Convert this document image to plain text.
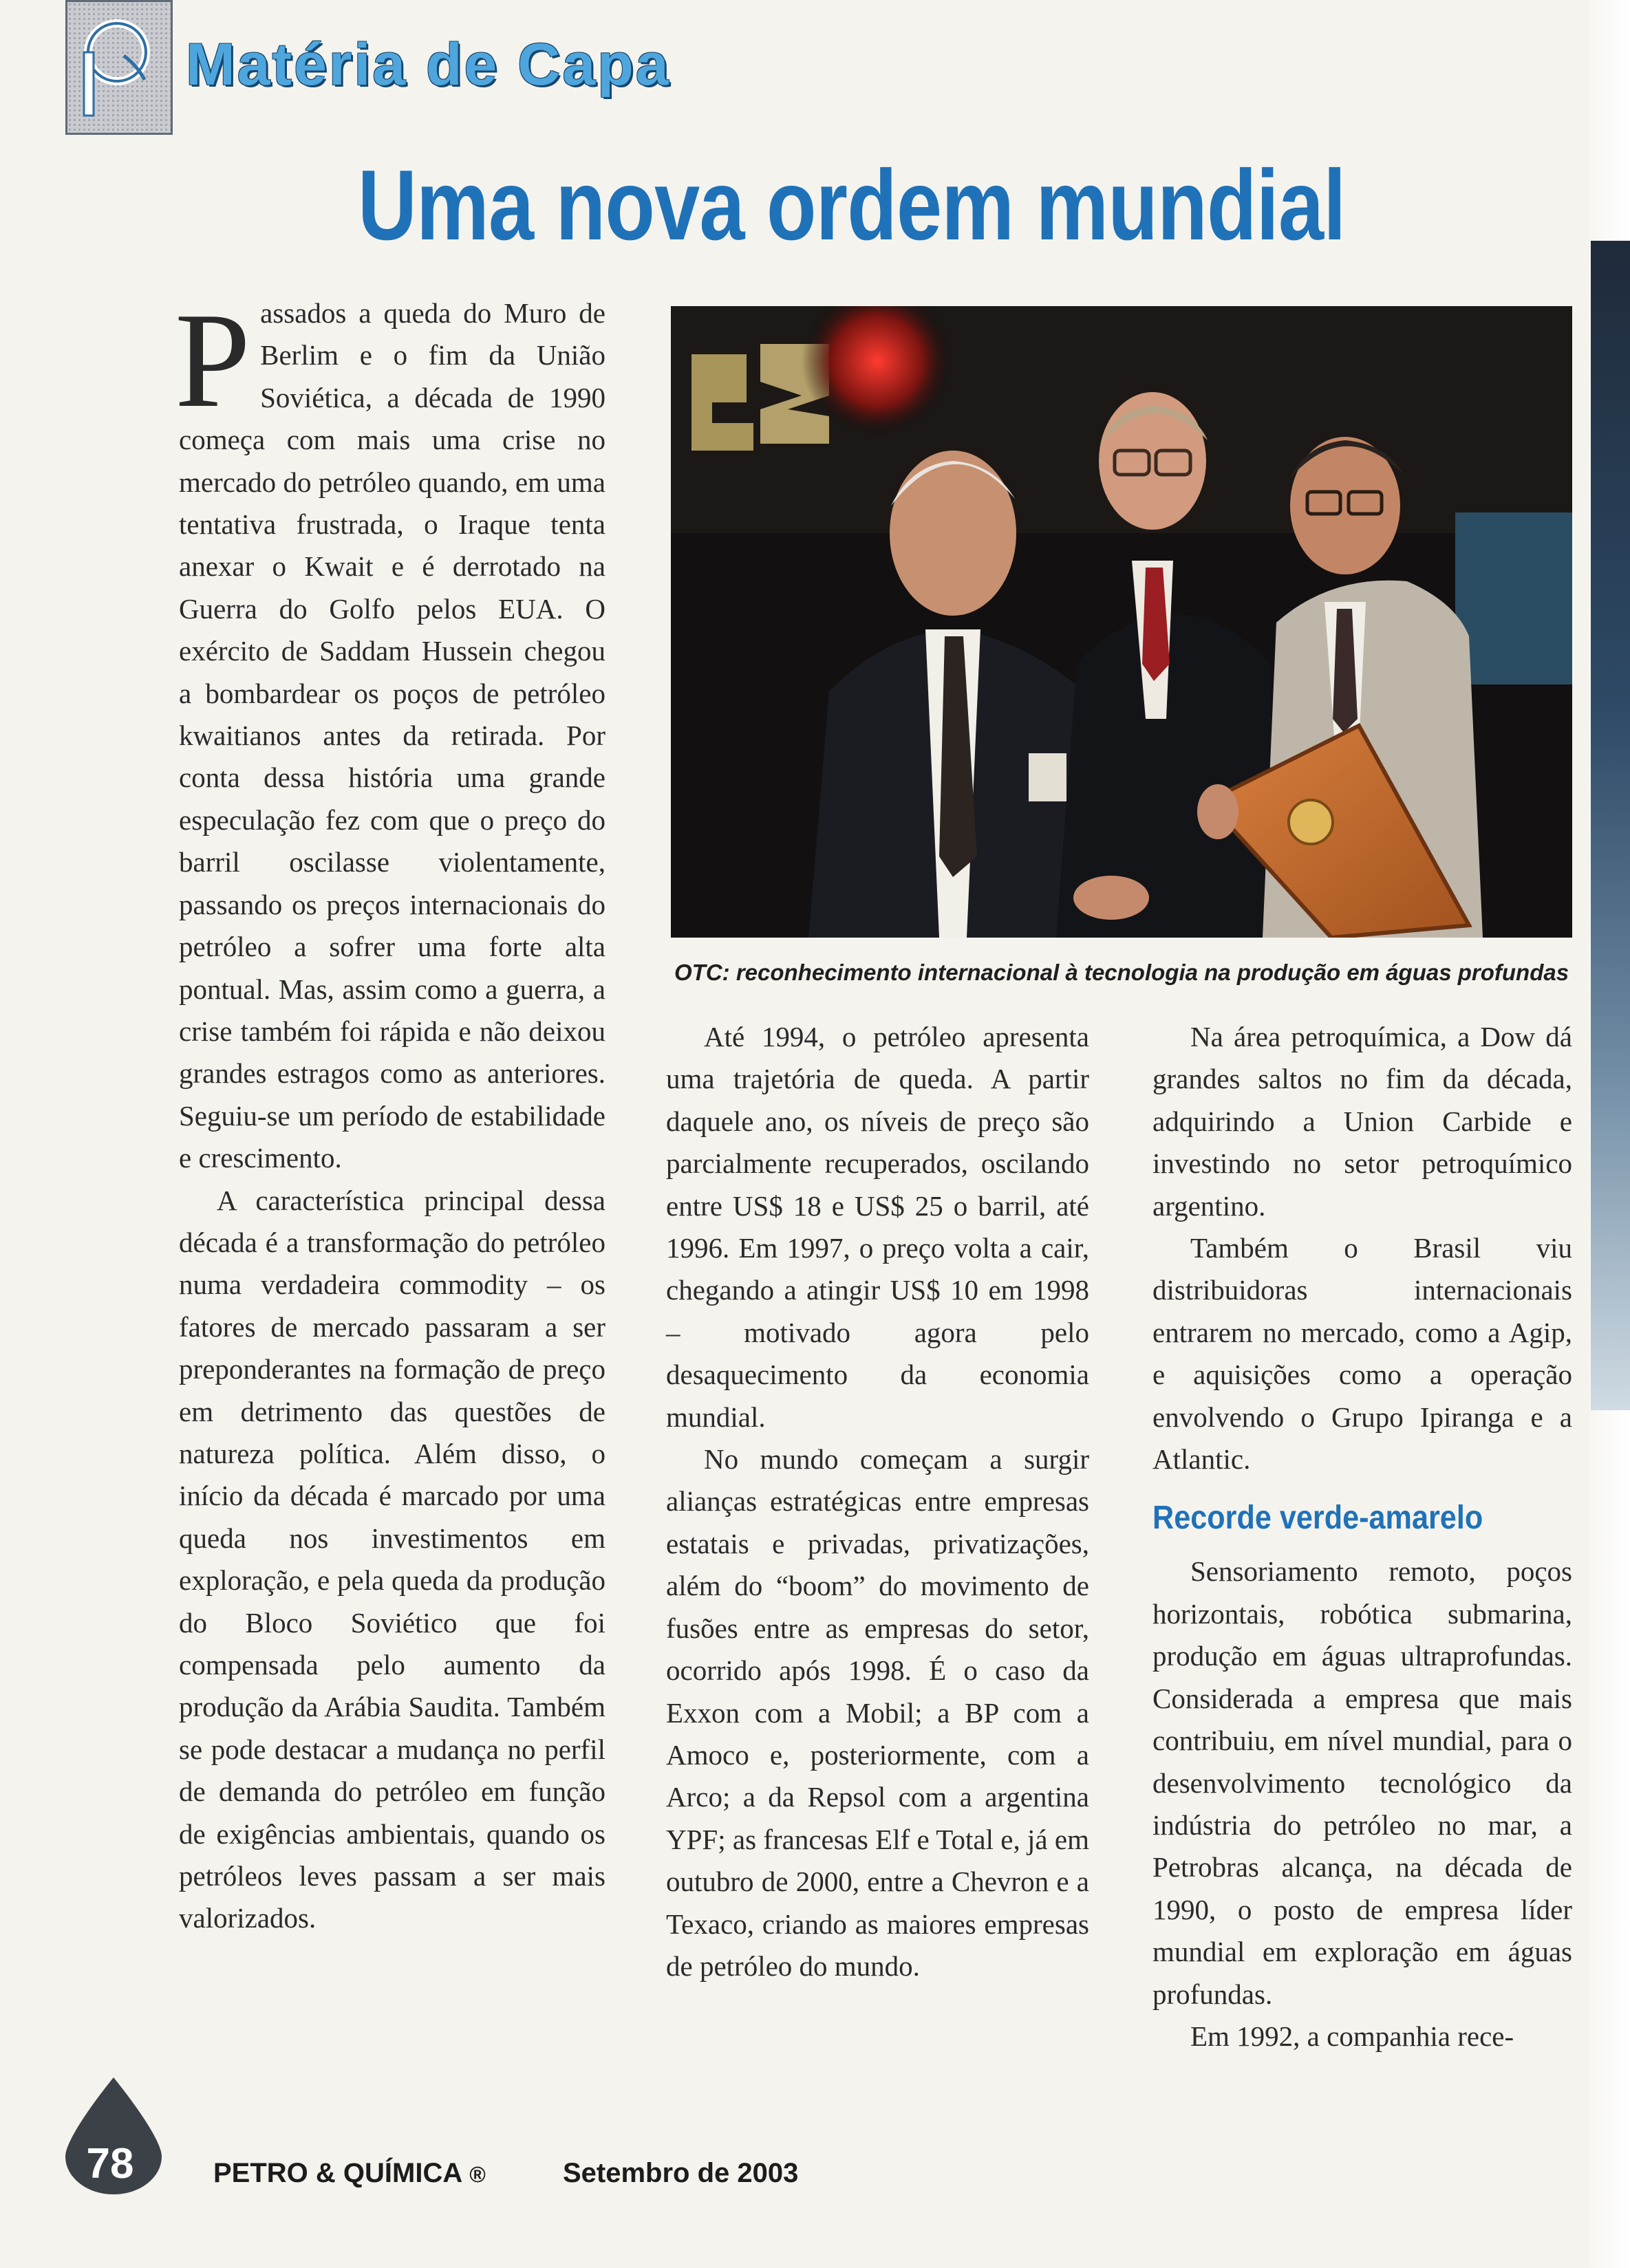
Matéria de Capa
Uma nova ordem mundial

Passados a queda do Muro de Berlim e o fim da União Soviética, a década de 1990 começa com mais uma crise no mercado do petróleo quando, em uma tentativa frustrada, o Iraque tenta anexar o Kwait e é derrotado na Guerra do Golfo pelos EUA. O exército de Saddam Hussein chegou a bombardear os poços de petróleo kwaitianos antes da retirada. Por conta dessa história uma grande especulação fez com que o preço do barril oscilasse violentamente, passando os preços internacionais do petróleo a sofrer uma forte alta pontual. Mas, assim como a guerra, a crise também foi rápida e não deixou grandes estragos como as anteriores. Seguiu-se um período de estabilidade e crescimento.

A característica principal dessa década é a transformação do petróleo numa verdadeira commodity – os fatores de mercado passaram a ser preponderantes na formação de preço em detrimento das questões de natureza política. Além disso, o início da década é marcado por uma queda nos investimentos em exploração, e pela queda da produção do Bloco Soviético que foi compensada pelo aumento da produção da Arábia Saudita. Também se pode destacar a mudança no perfil de demanda do petróleo em função de exigências ambientais, quando os petróleos leves passam a ser mais valorizados.

OTC: reconhecimento internacional à tecnologia na produção em águas profundas

Até 1994, o petróleo apresenta uma trajetória de queda. A partir daquele ano, os níveis de preço são parcialmente recuperados, oscilando entre US$ 18 e US$ 25 o barril, até 1996. Em 1997, o preço volta a cair, chegando a atingir US$ 10 em 1998 – motivado agora pelo desaquecimento da economia mundial.

No mundo começam a surgir alianças estratégicas entre empresas estatais e privadas, privatizações, além do “boom” do movimento de fusões entre as empresas do setor, ocorrido após 1998. É o caso da Exxon com a Mobil; a BP com a Amoco e, posteriormente, com a Arco; a da Repsol com a argentina YPF; as francesas Elf e Total e, já em outubro de 2000, entre a Chevron e a Texaco, criando as maiores empresas de petróleo do mundo.

Na área petroquímica, a Dow dá grandes saltos no fim da década, adquirindo a Union Carbide e investindo no setor petroquímico argentino.

Também o Brasil viu distribuidoras internacionais entrarem no mercado, como a Agip, e aquisições como a operação envolvendo o Grupo Ipiranga e a Atlantic.

Recorde verde-amarelo

Sensoriamento remoto, poços horizontais, robótica submarina, produção em águas ultraprofundas. Considerada a empresa que mais contribuiu, em nível mundial, para o desenvolvimento tecnológico da indústria do petróleo no mar, a Petrobras alcança, na década de 1990, o posto de empresa líder mundial em exploração em águas profundas.

Em 1992, a companhia rece-

78	PETRO & QUÍMICA ®	Setembro de 2003
